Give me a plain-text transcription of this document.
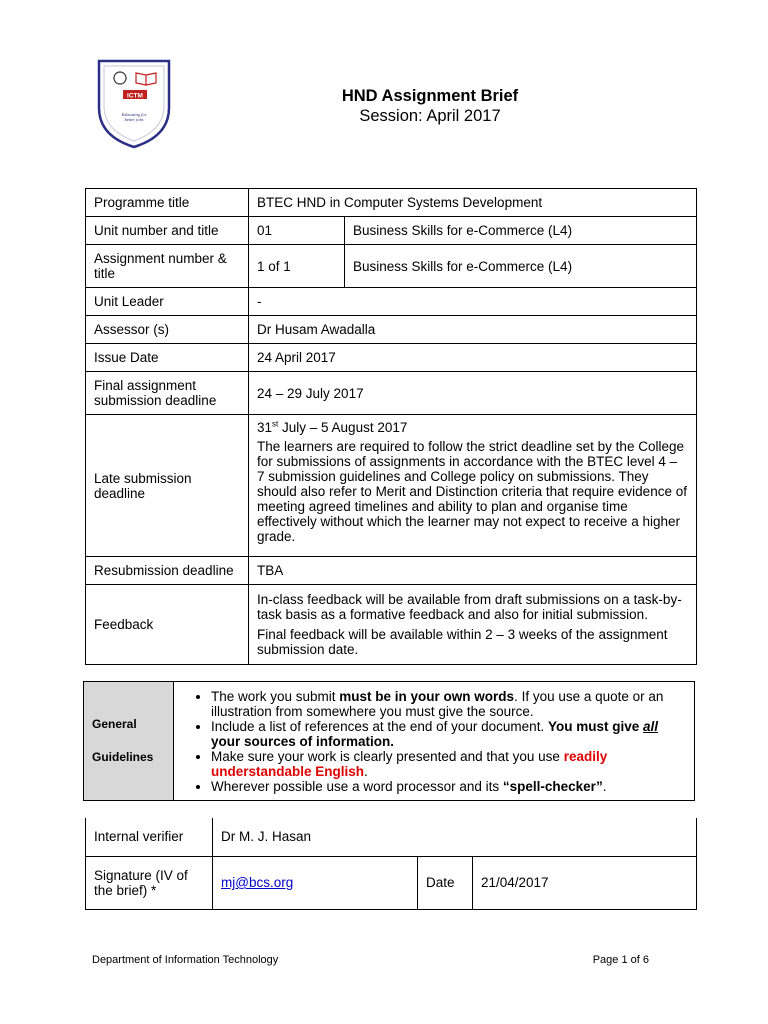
ICTM
Educating for
better jobs
HND Assignment Brief
Session: April 2017
Programme title	BTEC HND in Computer Systems Development	
Unit number and title	01	Business Skills for e-Commerce (L4)
Assignment number & title	1 of 1	Business Skills for e-Commerce (L4)
Unit Leader	-	
Assessor (s)	Dr Husam Awadalla	
Issue Date	24 April 2017	
Final assignment submission deadline	24 – 29 July 2017	
Late submission deadline	31st July – 5 August 2017

The learners are required to follow the strict deadline set by the College for submissions of assignments in accordance with the BTEC level 4 – 7 submission guidelines and College policy on submissions. They should also refer to Merit and Distinction criteria that require evidence of meeting agreed timelines and ability to plan and organise time effectively without which the learner may not expect to receive a higher grade.	

Resubmission deadline	TBA	
Feedback	In-class feedback will be available from draft submissions on a task-by-task basis as a formative feedback and also for initial submission.

Final feedback will be available within 2 – 3 weeks of the assignment submission date.	

General
Guidelines

• The work you submit must be in your own words. If you use a quote or an illustration from somewhere you must give the source.
• Include a list of references at the end of your document. You must give all your sources of information.
• Make sure your work is clearly presented and that you use readily understandable English.
• Wherever possible use a word processor and its “spell-checker”.
Internal verifier	Dr M. J. Hasan		
Signature (IV of the brief) *	mj@bcs.org	Date	21/04/2017
Department of Information Technology	Page 1 of 6
